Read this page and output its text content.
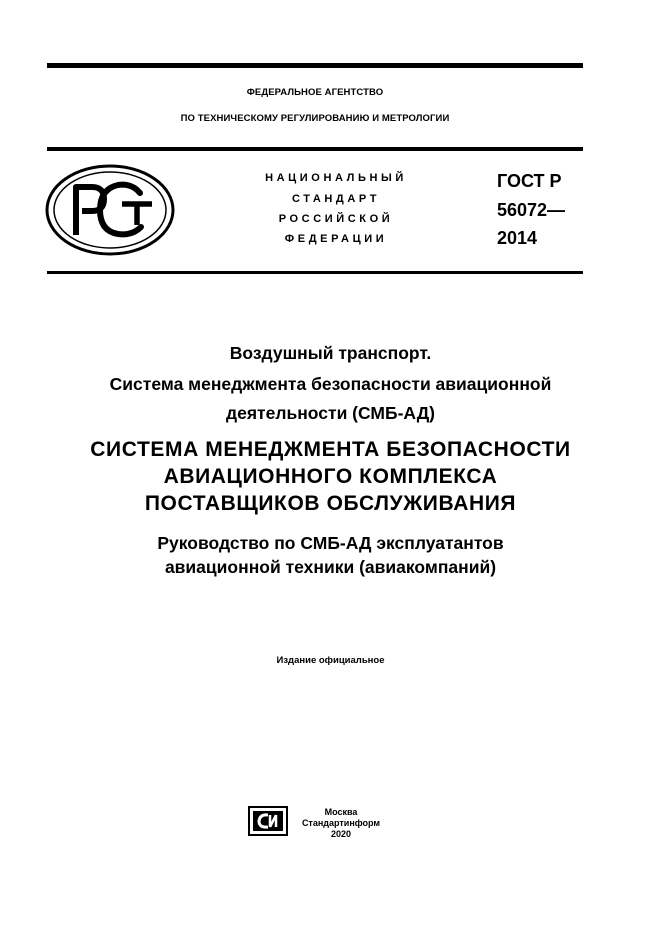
ФЕДЕРАЛЬНОЕ АГЕНТСТВО
ПО ТЕХНИЧЕСКОМУ РЕГУЛИРОВАНИЮ И МЕТРОЛОГИИ
НАЦИОНАЛЬНЫЙ
СТАНДАРТ
РОССИЙСКОЙ
ФЕДЕРАЦИИ
ГОСТ Р
56072—
2014
Воздушный транспорт.
Система менеджмента безопасности авиационной
деятельности (СМБ-АД)
СИСТЕМА МЕНЕДЖМЕНТА БЕЗОПАСНОСТИ
АВИАЦИОННОГО КОМПЛЕКСА
ПОСТАВЩИКОВ ОБСЛУЖИВАНИЯ
Руководство по СМБ-АД эксплуатантов
авиационной техники (авиакомпаний)
Издание официальное
Москва
Стандартинформ
2020
